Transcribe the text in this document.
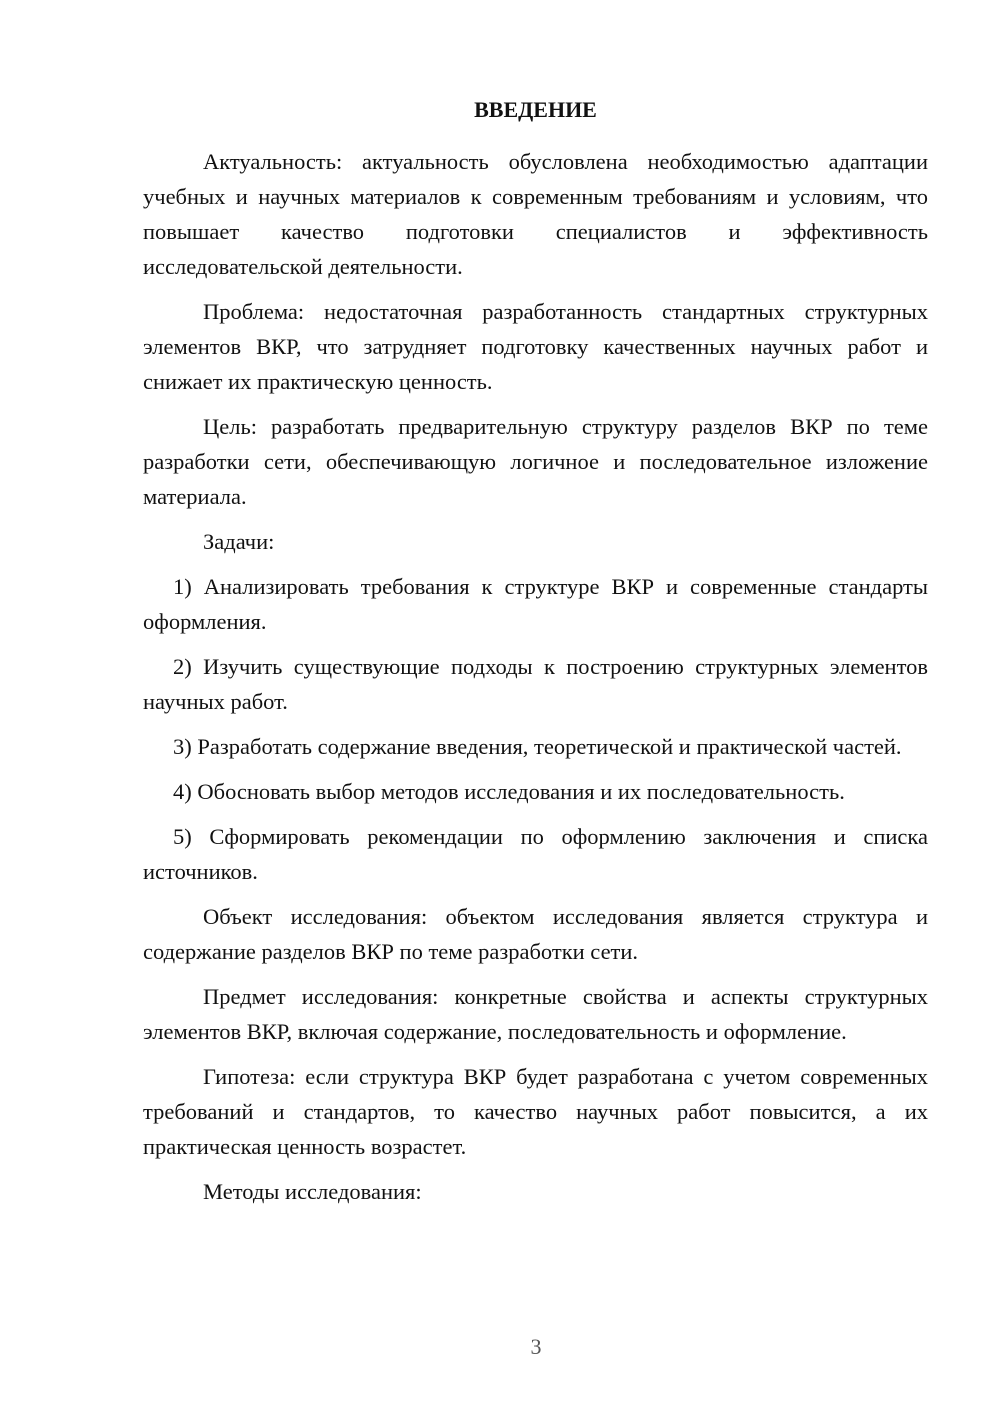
ВВЕДЕНИЕ

Актуальность: актуальность обусловлена необходимостью адаптации учебных и научных материалов к современным требованиям и условиям, что повышает качество подготовки специалистов и эффективность исследовательской деятельности.

Проблема: недостаточная разработанность стандартных структурных элементов ВКР, что затрудняет подготовку качественных научных работ и снижает их практическую ценность.

Цель: разработать предварительную структуру разделов ВКР по теме разработки сети, обеспечивающую логичное и последовательное изложение материала.

Задачи:

1) Анализировать требования к структуре ВКР и современные стандарты оформления.

2) Изучить существующие подходы к построению структурных элементов научных работ.

3) Разработать содержание введения, теоретической и практической частей.

4) Обосновать выбор методов исследования и их последовательность.

5) Сформировать рекомендации по оформлению заключения и списка источников.

Объект исследования: объектом исследования является структура и содержание разделов ВКР по теме разработки сети.

Предмет исследования: конкретные свойства и аспекты структурных элементов ВКР, включая содержание, последовательность и оформление.

Гипотеза: если структура ВКР будет разработана с учетом современных требований и стандартов, то качество научных работ повысится, а их практическая ценность возрастет.

Методы исследования:

3
